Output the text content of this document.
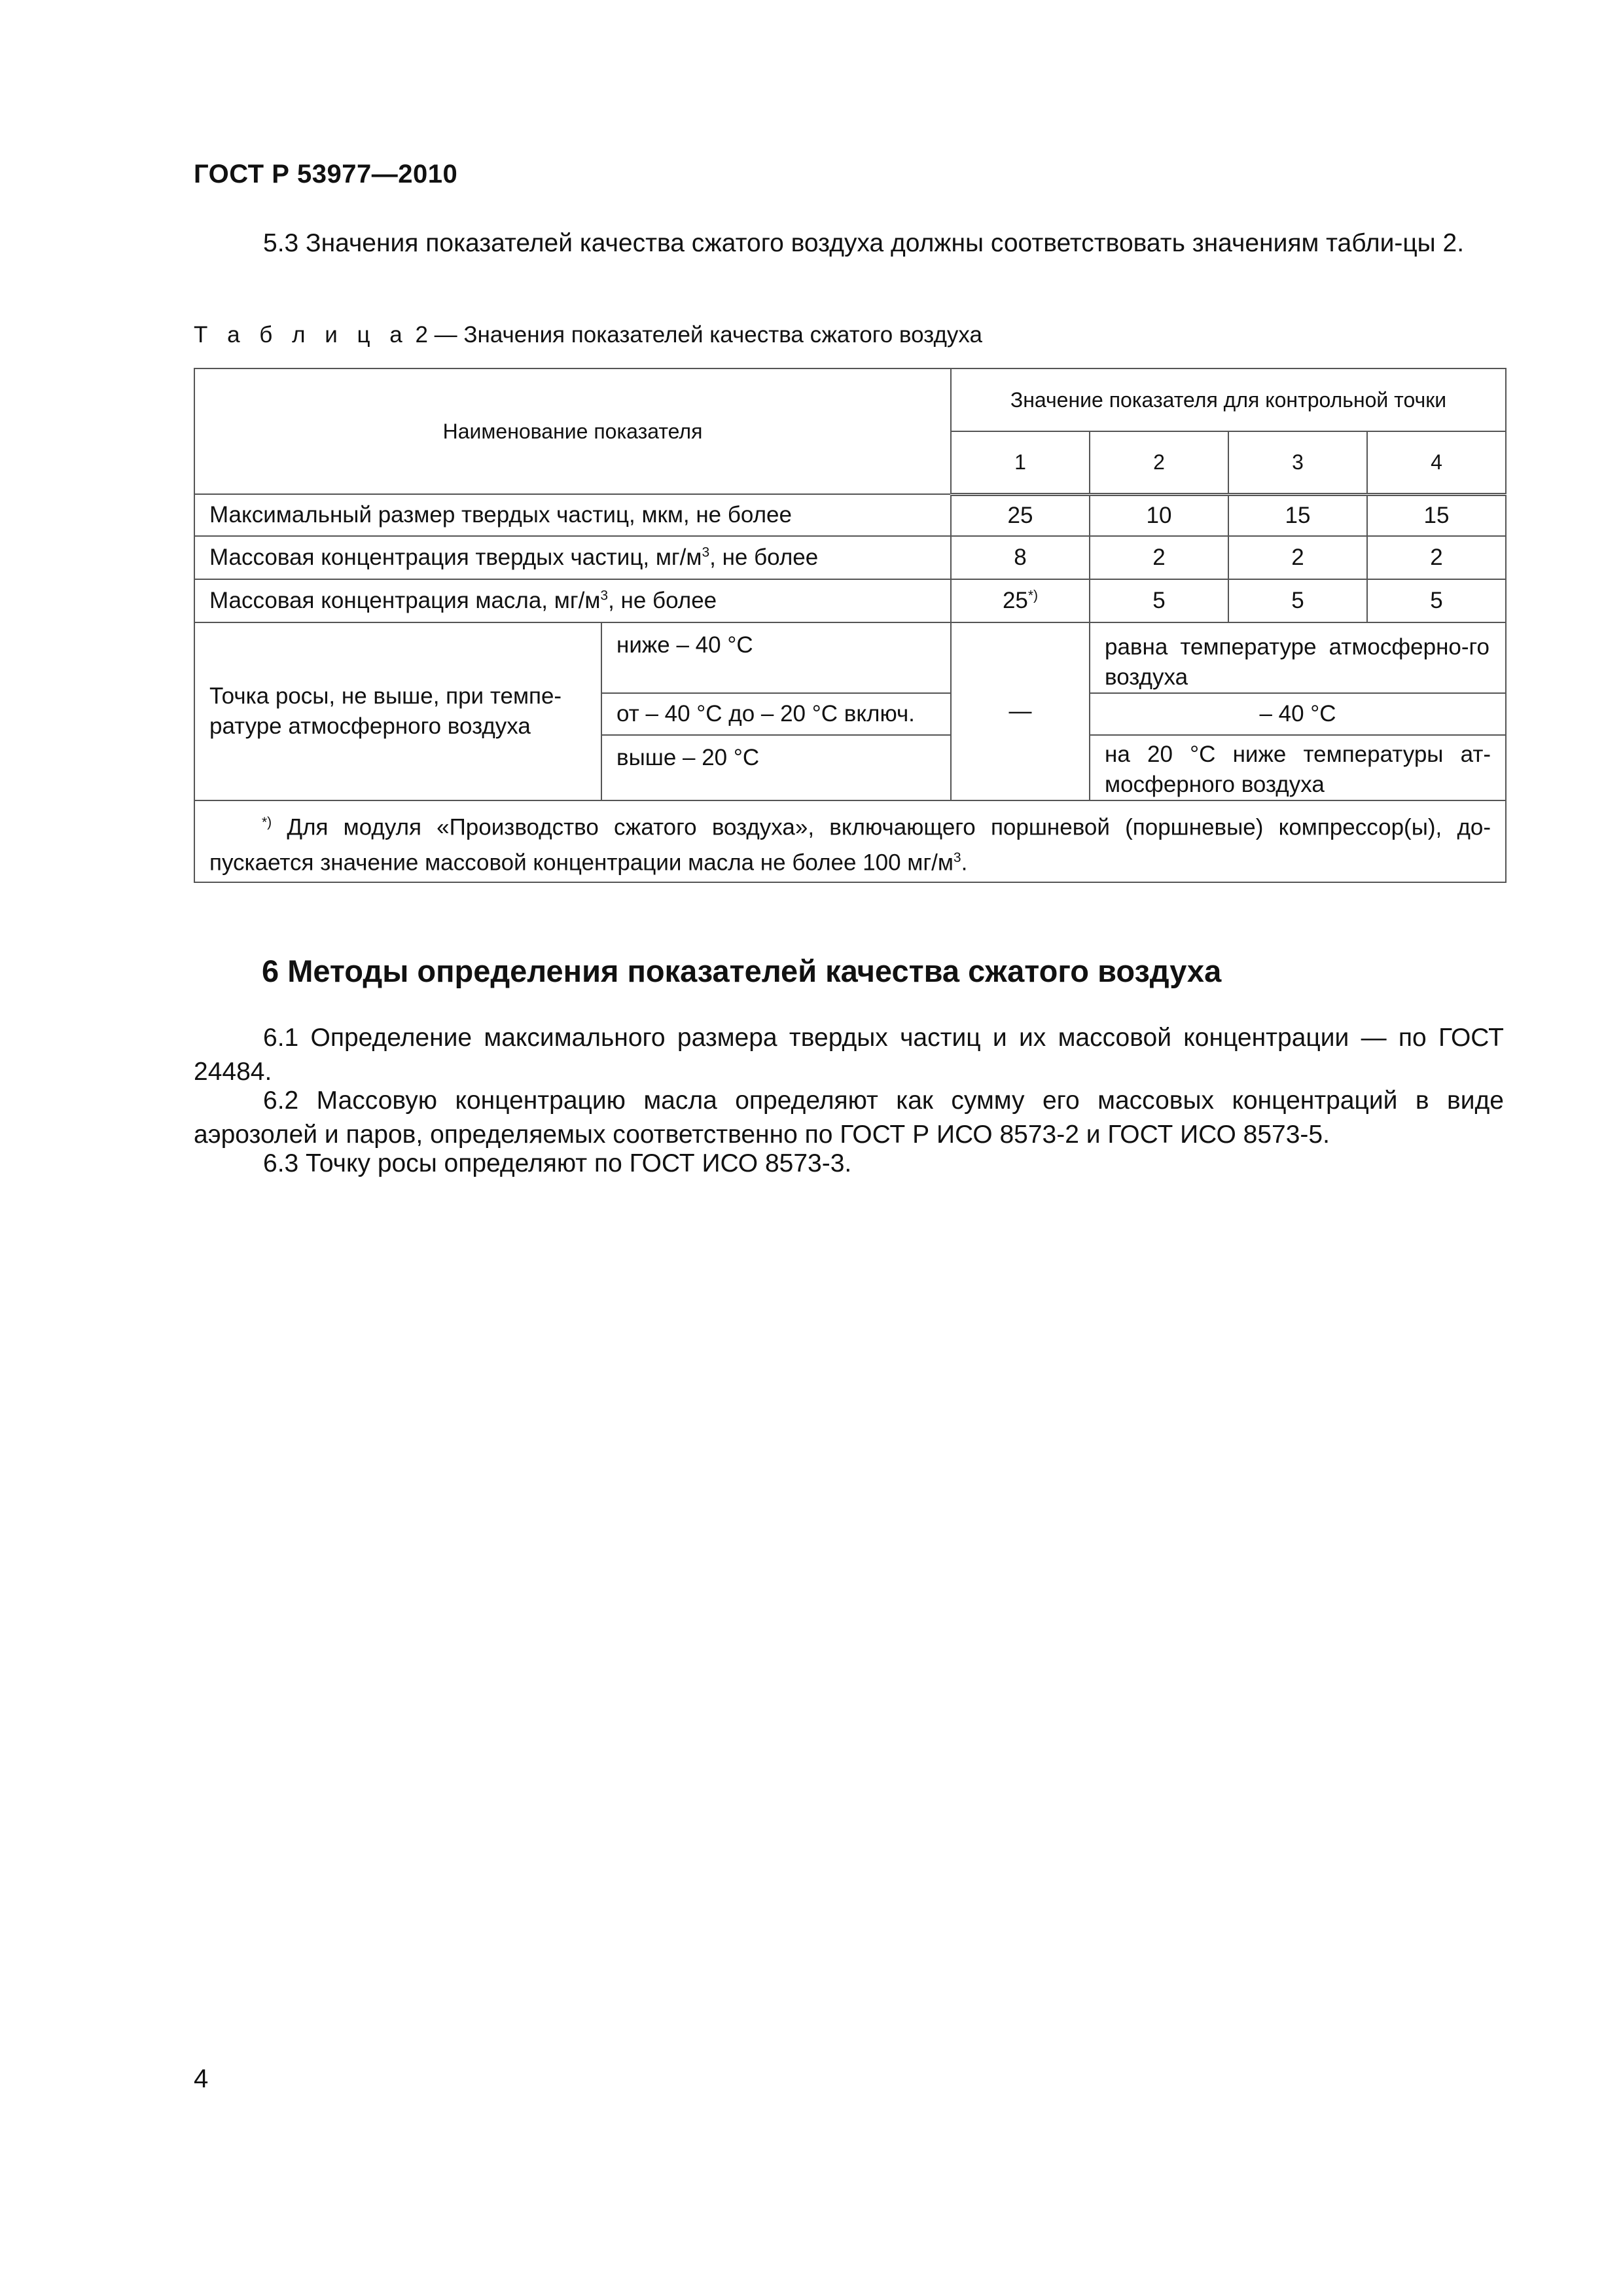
ГОСТ Р 53977—2010
5.3 Значения показателей качества сжатого воздуха должны соответствовать значениям табли-цы 2.
Т а б л и ц а 2 — Значения показателей качества сжатого воздуха
Наименование показателя		Значение показателя для контрольной точки			
		1	2	3	4
Максимальный размер твердых частиц, мкм, не более		25	10	15	15
Массовая концентрация твердых частиц, $мг/м^3$, не более		8	2	2	2
Массовая концентрация масла, $мг/м^3$, не более		25*)	5	5	5
Точка росы, не выше, при темпе-ратуре атмосферного воздуха	ниже – 40 °С	—	равна температуре атмосферно-го воздуха		
	от – 40 °С до – 20 °С включ.		– 40 °С		
	выше – 20 °С		на 20 °С ниже температуры ат-мосферного воздуха		
*) Для модуля «Производство сжатого воздуха», включающего поршневой (поршневые) компрессор(ы), до-пускается значение массовой концентрации масла не более 100 $мг/м^3$.					
6 Методы определения показателей качества сжатого воздуха
6.1 Определение максимального размера твердых частиц и их массовой концентрации — по ГОСТ 24484.
6.2 Массовую концентрацию масла определяют как сумму его массовых концентраций в виде аэрозолей и паров, определяемых соответственно по ГОСТ Р ИСО 8573-2 и ГОСТ ИСО 8573-5.
6.3 Точку росы определяют по ГОСТ ИСО 8573-3.
4
